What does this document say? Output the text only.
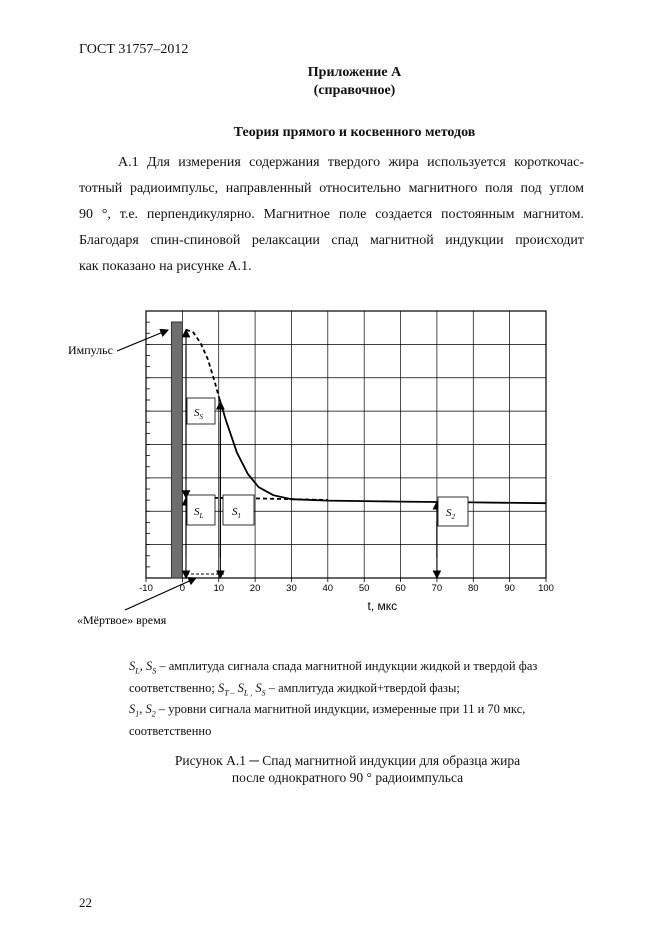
ГОСТ 31757–2012
Приложение А
(справочное)
Теория прямого и косвенного методов
А.1 Для измерения содержания твердого жира используется короткочас-
тотный радиоимпульс, направленный относительно магнитного поля под углом
90 °, т.е. перпендикулярно. Магнитное поле создается постоянным магнитом.
Благодаря спин-спиновой релаксации спад магнитной индукции происходит
как показано на рисунке А.1.
-10	0	10	20	30	40	50	60	70	80	90 100
t, мкс
$S_S$
$S_L$	$S_1$	$S_2$
Импульс
«Мёртвое» время
$S_L$, $S_S$ – амплитуда сигнала спада магнитной индукции жидкой и твердой фаз
соответственно; $S_{T -}$ $S_{L ,}$ $S_S$ – амплитуда жидкой+твердой фазы;
$S_1$, $S_2$ – уровни сигнала магнитной индукции, измеренные при 11 и 70 мкс,
соответственно
Рисунок А.1 ─ Спад магнитной индукции для образца жира
после однократного 90 ° радиоимпульса
22
